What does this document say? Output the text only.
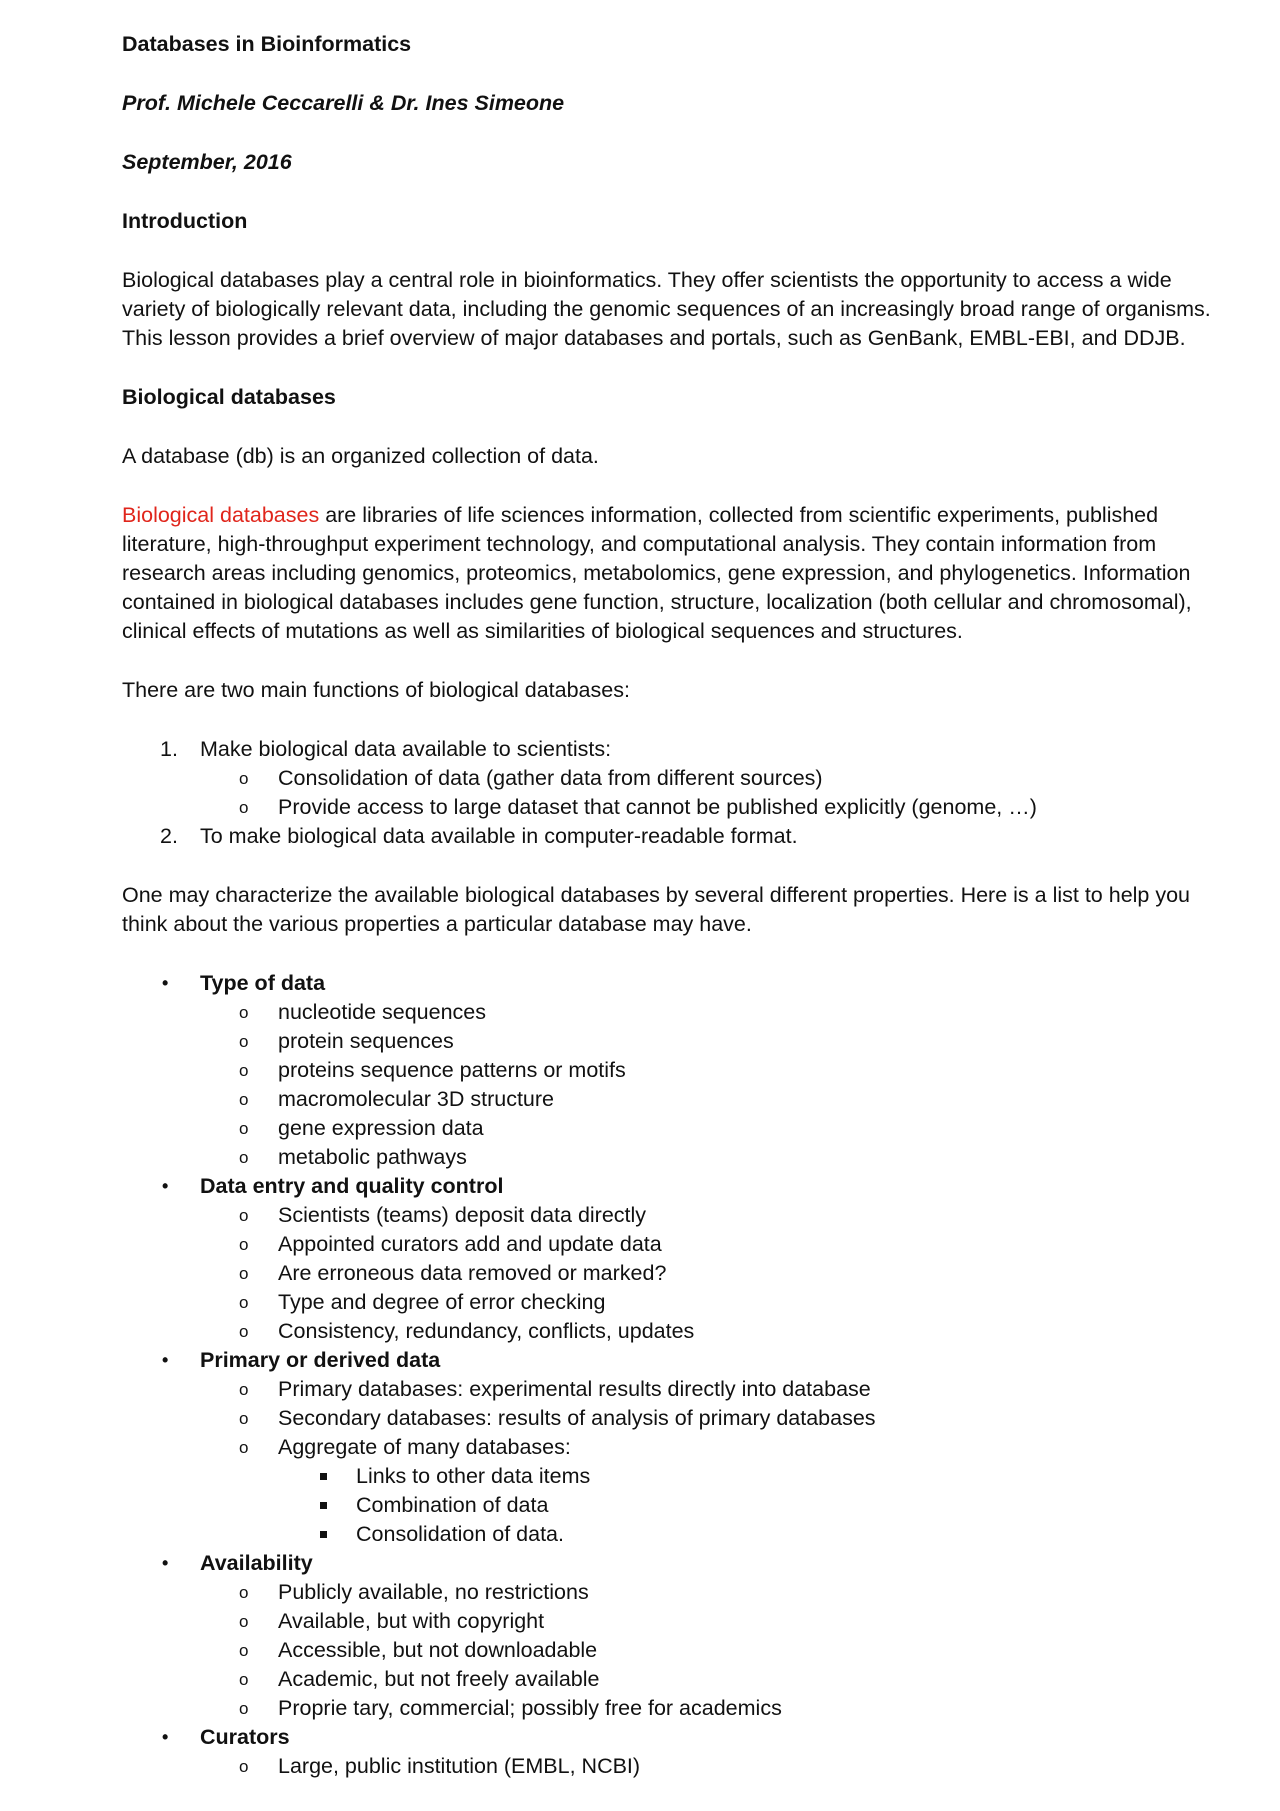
Databases in Bioinformatics
Prof. Michele Ceccarelli & Dr. Ines Simeone
September, 2016
Introduction

Biological databases play a central role in bioinformatics. They offer scientists the opportunity to access a wide
variety of biologically relevant data, including the genomic sequences of an increasingly broad range of organisms.
This lesson provides a brief overview of major databases and portals, such as GenBank, EMBL-EBI, and DDJB.

Biological databases
A database (db) is an organized collection of data.

Biological databases are libraries of life sciences information, collected from scientific experiments, published
literature, high-throughput experiment technology, and computational analysis. They contain information from
research areas including genomics, proteomics, metabolomics, gene expression, and phylogenetics. Information
contained in biological databases includes gene function, structure, localization (both cellular and chromosomal),
clinical effects of mutations as well as similarities of biological sequences and structures.

There are two main functions of biological databases:
1. Make biological data available to scientists:
o Consolidation of data (gather data from different sources)
o Provide access to large dataset that cannot be published explicitly (genome, …)
2. To make biological data available in computer-readable format.

One may characterize the available biological databases by several different properties. Here is a list to help you
think about the various properties a particular database may have.

• Type of data
o nucleotide sequences
o protein sequences
o proteins sequence patterns or motifs
o macromolecular 3D structure
o gene expression data
o metabolic pathways
• Data entry and quality control
o Scientists (teams) deposit data directly
o Appointed curators add and update data
o Are erroneous data removed or marked?
o Type and degree of error checking
o Consistency, redundancy, conflicts, updates
• Primary or derived data
o Primary databases: experimental results directly into database
o Secondary databases: results of analysis of primary databases
o Aggregate of many databases:
Links to other data items
Combination of data
Consolidation of data.
• Availability
o Publicly available, no restrictions
o Available, but with copyright
o Accessible, but not downloadable
o Academic, but not freely available
o Proprie tary, commercial; possibly free for academics
• Curators
o Large, public institution (EMBL, NCBI)
